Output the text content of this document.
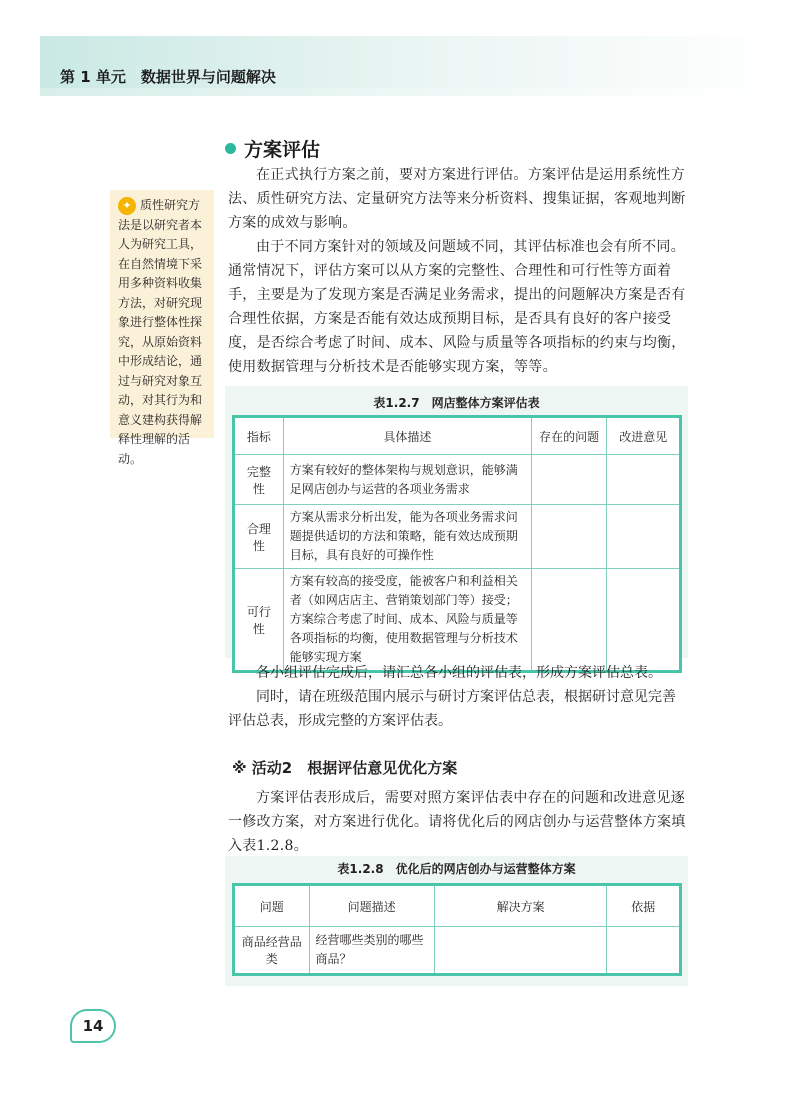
第 1 单元　数据世界与问题解决
方案评估

在正式执行方案之前，要对方案进行评估。方案评估是运用系统性方法、质性研究方法、定量研究方法等来分析资料、搜集证据，客观地判断方案的成效与影响。

由于不同方案针对的领域及问题域不同，其评估标准也会有所不同。通常情况下，评估方案可以从方案的完整性、合理性和可行性等方面着手，主要是为了发现方案是否满足业务需求，提出的问题解决方案是否有合理性依据，方案是否能有效达成预期目标，是否具有良好的客户接受度，是否综合考虑了时间、成本、风险与质量等各项指标的约束与均衡，使用数据管理与分析技术是否能够实现方案，等等。

✦ 质性研究方法是以研究者本人为研究工具，在自然情境下采用多种资料收集方法，对研究现象进行整体性探究，从原始资料中形成结论，通过与研究对象互动，对其行为和意义建构获得解释性理解的活动。
表1.2.7　网店整体方案评估表
指标	具体描述	存在的问题	改进意见
完整性	方案有较好的整体架构与规划意识，能够满足网店创办与运营的各项业务需求		
合理性	方案从需求分析出发，能为各项业务需求问题提供适切的方法和策略，能有效达成预期目标，具有良好的可操作性		
可行性	方案有较高的接受度，能被客户和利益相关者（如网店店主、营销策划部门等）接受；方案综合考虑了时间、成本、风险与质量等各项指标的均衡，使用数据管理与分析技术能够实现方案		

各小组评估完成后，请汇总各小组的评估表，形成方案评估总表。

同时，请在班级范围内展示与研讨方案评估总表，根据研讨意见完善评估总表，形成完整的方案评估表。

※ 活动2　根据评估意见优化方案

方案评估表形成后，需要对照方案评估表中存在的问题和改进意见逐一修改方案，对方案进行优化。请将优化后的网店创办与运营整体方案填入表1.2.8。

表1.2.8　优化后的网店创办与运营整体方案
问题	问题描述	解决方案	依据
商品经营品类	经营哪些类别的哪些商品？		
14
